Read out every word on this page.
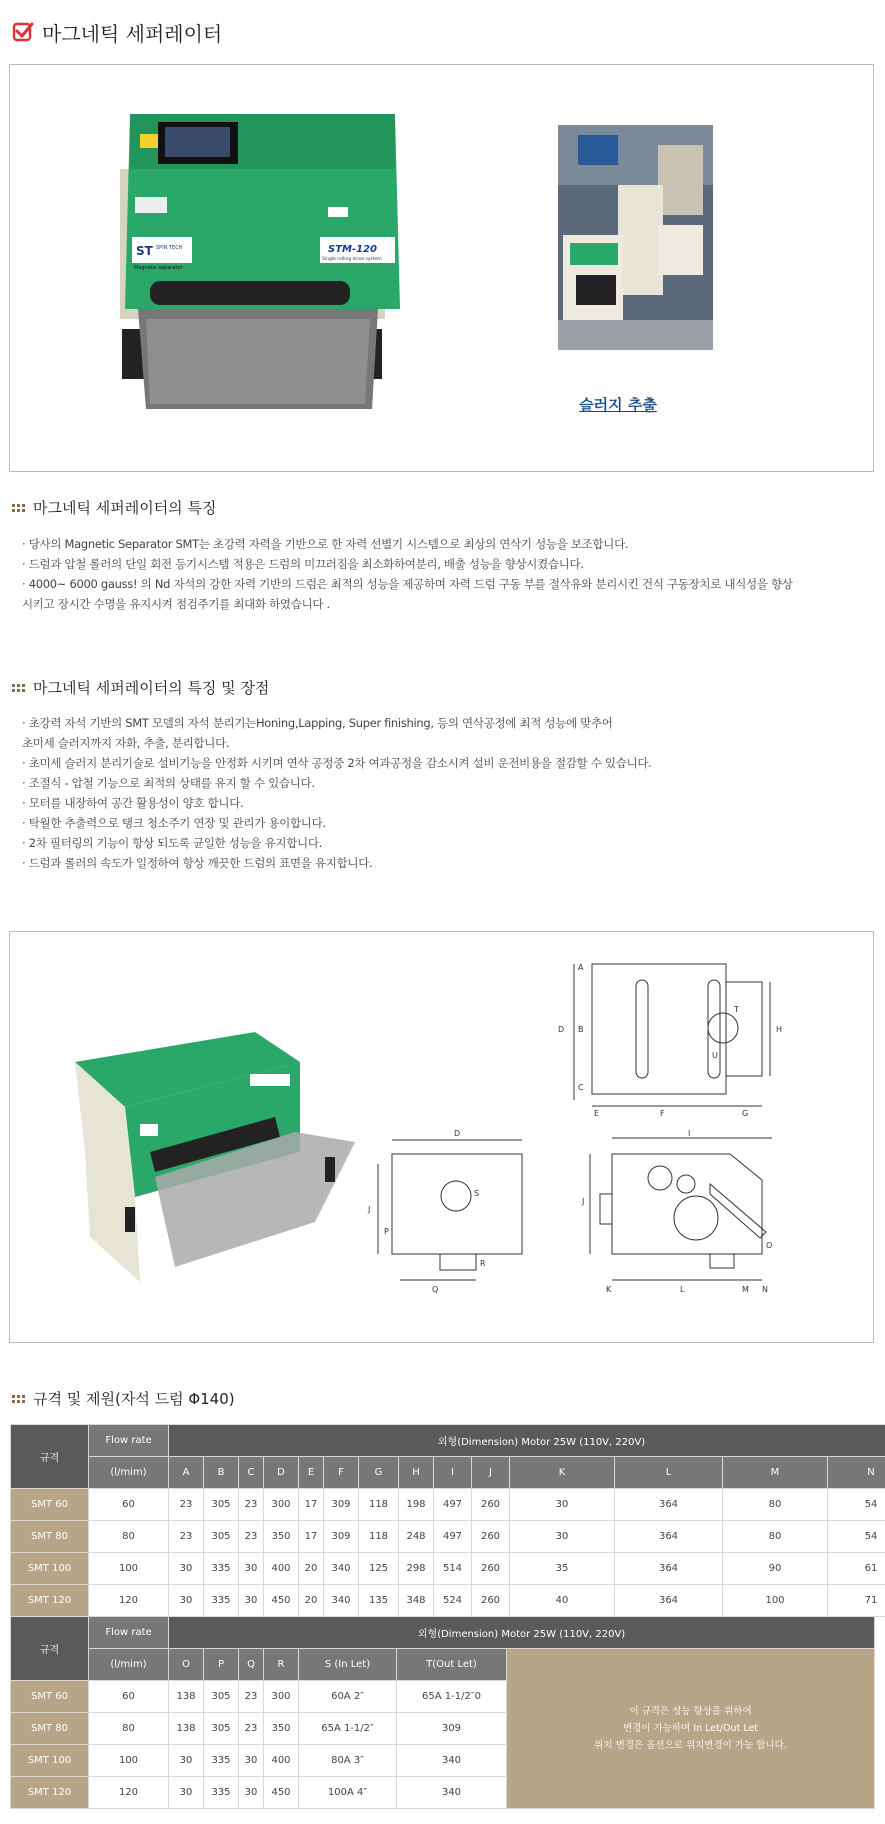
마그네틱 세퍼레이터
ST SPIN TECH
Magnetic separator
STM-120
Single rolling drive system
슬러지 추출
마그네틱 세퍼레이터의 특징
· 당사의 Magnetic Separator SMT는 초강력 자력을 기반으로 한 자력 선별기 시스템으로 최상의 연삭기 성능을 보조합니다.
· 드럼과 압철 롤러의 단일 회전 등기시스템 적용은 드럼의 미끄러짐을 최소화하여분리, 배출 성능을 향상시켰습니다.
· 4000~ 6000 gauss! 의 Nd 자석의 강한 자력 기반의 드럼은 최적의 성능을 제공하며 자력 드럼 구동 부를 절삭유와 분리시킨 건식 구동장치로 내식성을 향상
시키고 장시간 수명을 유지시켜 점검주기를 최대화 하였습니다 .
마그네틱 세퍼레이터의 특징 및 장점
· 초강력 자석 기반의 SMT 모델의 자석 분리기는Honing,Lapping, Super finishing, 등의 연삭공정에 최적 성능에 맞추어
초미세 슬러지까지 자화, 추출, 분리합니다.
· 초미세 슬러지 분리기술로 설비기능을 안정화 시키며 연삭 공정중 2차 여과공정을 감소시켜 설비 운전비용을 절감할 수 있습니다.
· 조절식 - 압철 기능으로 최적의 상태를 유지 할 수 있습니다.
· 모터를 내장하여 공간 활용성이 양호 합니다.
· 탁월한 추출력으로 탱크 청소주기 연장 및 관리가 용이합니다.
· 2차 필터링의 기능이 항상 되도록 균일한 성능을 유지합니다.
· 드럼과 롤러의 속도가 일정하여 항상 깨끗한 드럼의 표면을 유지합니다.
A
B
C
D
E	F	G
H
I
J
K	L	M N
O
P
Q
R
S
T
U
D
J
규격 및 제원(자석 드럼 Φ140)
규격	Flow rate	외형(Dimension) Motor 25W (110V, 220V)													
	(l/mim)	A	B	C	D	E	F	G	H	I	J	K	L	M	N
SMT 60	60	23	305	23	300	17	309	118	198	497	260	30	364	80	54
SMT 80	80	23	305	23	350	17	309	118	248	497	260	30	364	80	54
SMT 100	100	30	335	30	400	20	340	125	298	514	260	35	364	90	61
SMT 120	120	30	335	30	450	20	340	135	348	524	260	40	364	100	71
규격	Flow rate	외형(Dimension) Motor 25W (110V, 220V)						
	(l/mim)	O	P	Q	R	S (In Let)	T(Out Let)	이 규격은 성능 향상을 위하여
변경이 가능하며 In Let/Out Let
위치 변경은 옵션으로 위치변경이 가능 합니다.

SMT 60	60	138	305	23	300	60A 2″	65A 1-1/2″0	
SMT 80	80	138	305	23	350	65A 1-1/2″	309	
SMT 100	100	30	335	30	400	80A 3″	340	
SMT 120	120	30	335	30	450	100A 4″	340	
